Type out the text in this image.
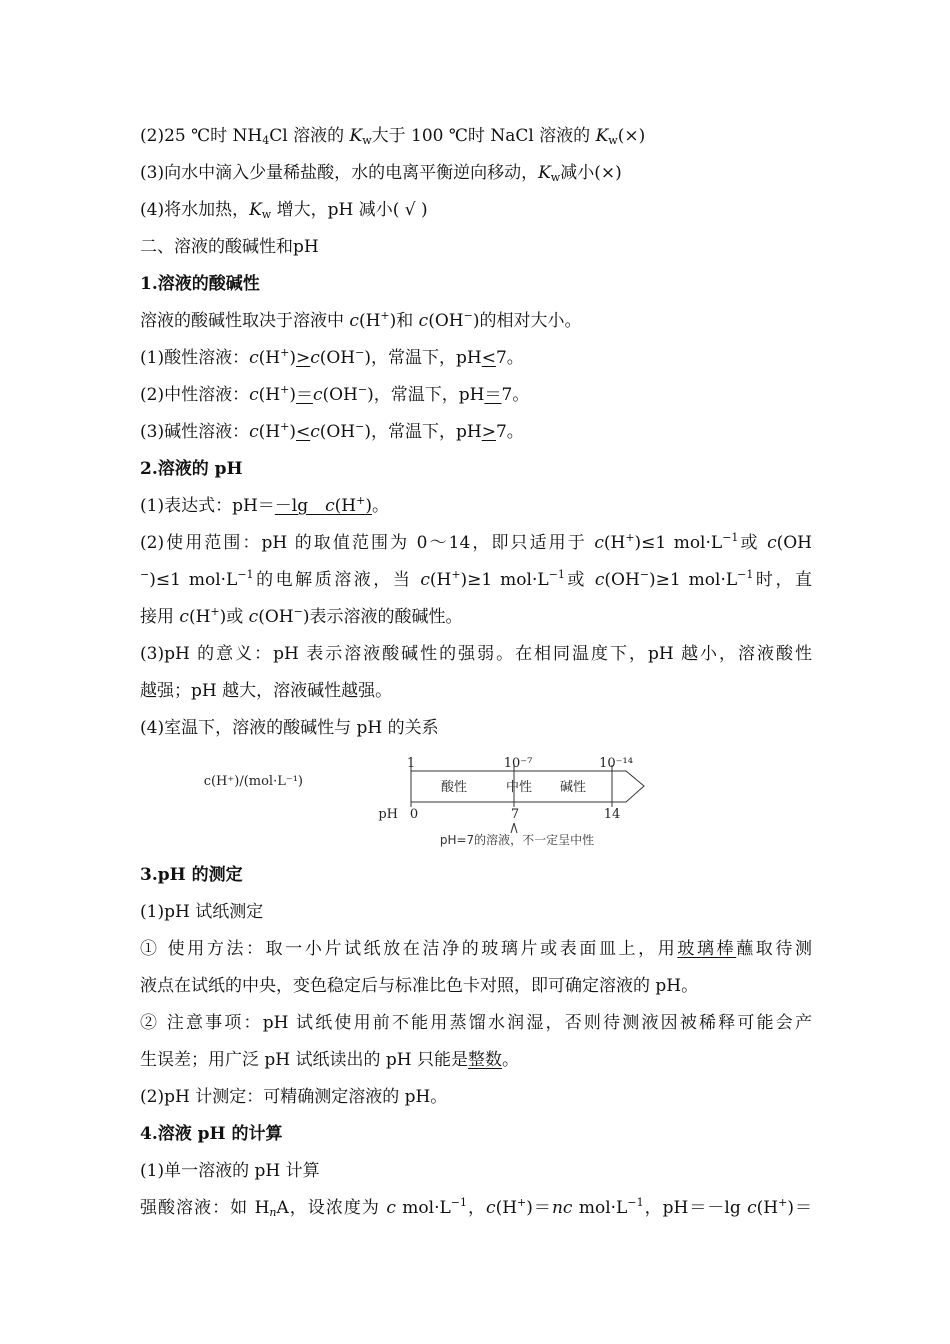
(2)25 ℃时 $NH_4Cl$ 溶液的 $K_w$大于 100 ℃时 NaCl 溶液的 $K_w(\times)$
(3)向水中滴入少量稀盐酸，水的电离平衡逆向移动，$K_w$减小(×)
(4)将水加热，$K_w$ 增大，pH 减小( √ )
二、溶液的酸碱性和pH
1.溶液的酸碱性
溶液的酸碱性取决于溶液中 c(H+)和 c(OH−)的相对大小。
(1)酸性溶液：c(H+)>c(OH−)，常温下，pH<7。
(2)中性溶液：c(H+)＝c(OH−)，常温下，pH＝7。
(3)碱性溶液：c(H+)<c(OH−)，常温下，pH>7。
2.溶液的 pH
(1)表达式：pH＝－lg　c(H+)。
(2)使用范围：pH 的取值范围为 0～14，即只适用于 c(H+)≤1 $mol\cdot L^{-1}$或 c(OH
−)≤1 $mol\cdot L^{-1}$的电解质溶液，当 c(H+)≥1 $mol\cdot L^{-1}$或 c(OH−)≥1 $mol\cdot L^{-1}$时，直
接用 c(H+)或 c(OH−)表示溶液的酸碱性。
(3)pH 的意义：pH 表示溶液酸碱性的强弱。在相同温度下，pH 越小，溶液酸性
越强；pH 越大，溶液碱性越强。
(4)室温下，溶液的酸碱性与 pH 的关系
c(H⁺)/(mol·L⁻¹)
pH
1	10⁻⁷	10⁻¹⁴
酸性	中性 碱性
0	7	14
pH=7的溶液，不一定呈中性
3.pH 的测定
(1)pH 试纸测定
① 使用方法：取一小片试纸放在洁净的玻璃片或表面皿上，用玻璃棒蘸取待测
液点在试纸的中央，变色稳定后与标准比色卡对照，即可确定溶液的 pH。
② 注意事项：pH 试纸使用前不能用蒸馏水润湿，否则待测液因被稀释可能会产
生误差；用广泛 pH 试纸读出的 pH 只能是整数。
(2)pH 计测定：可精确测定溶液的 pH。
4.溶液 pH 的计算
(1)单一溶液的 pH 计算
强酸溶液：如 $H_nA$，设浓度为 c $mol\cdot L^{-1}$，c(H+)＝nc $mol\cdot L^{-1}$，pH＝－lg c(H+)＝
